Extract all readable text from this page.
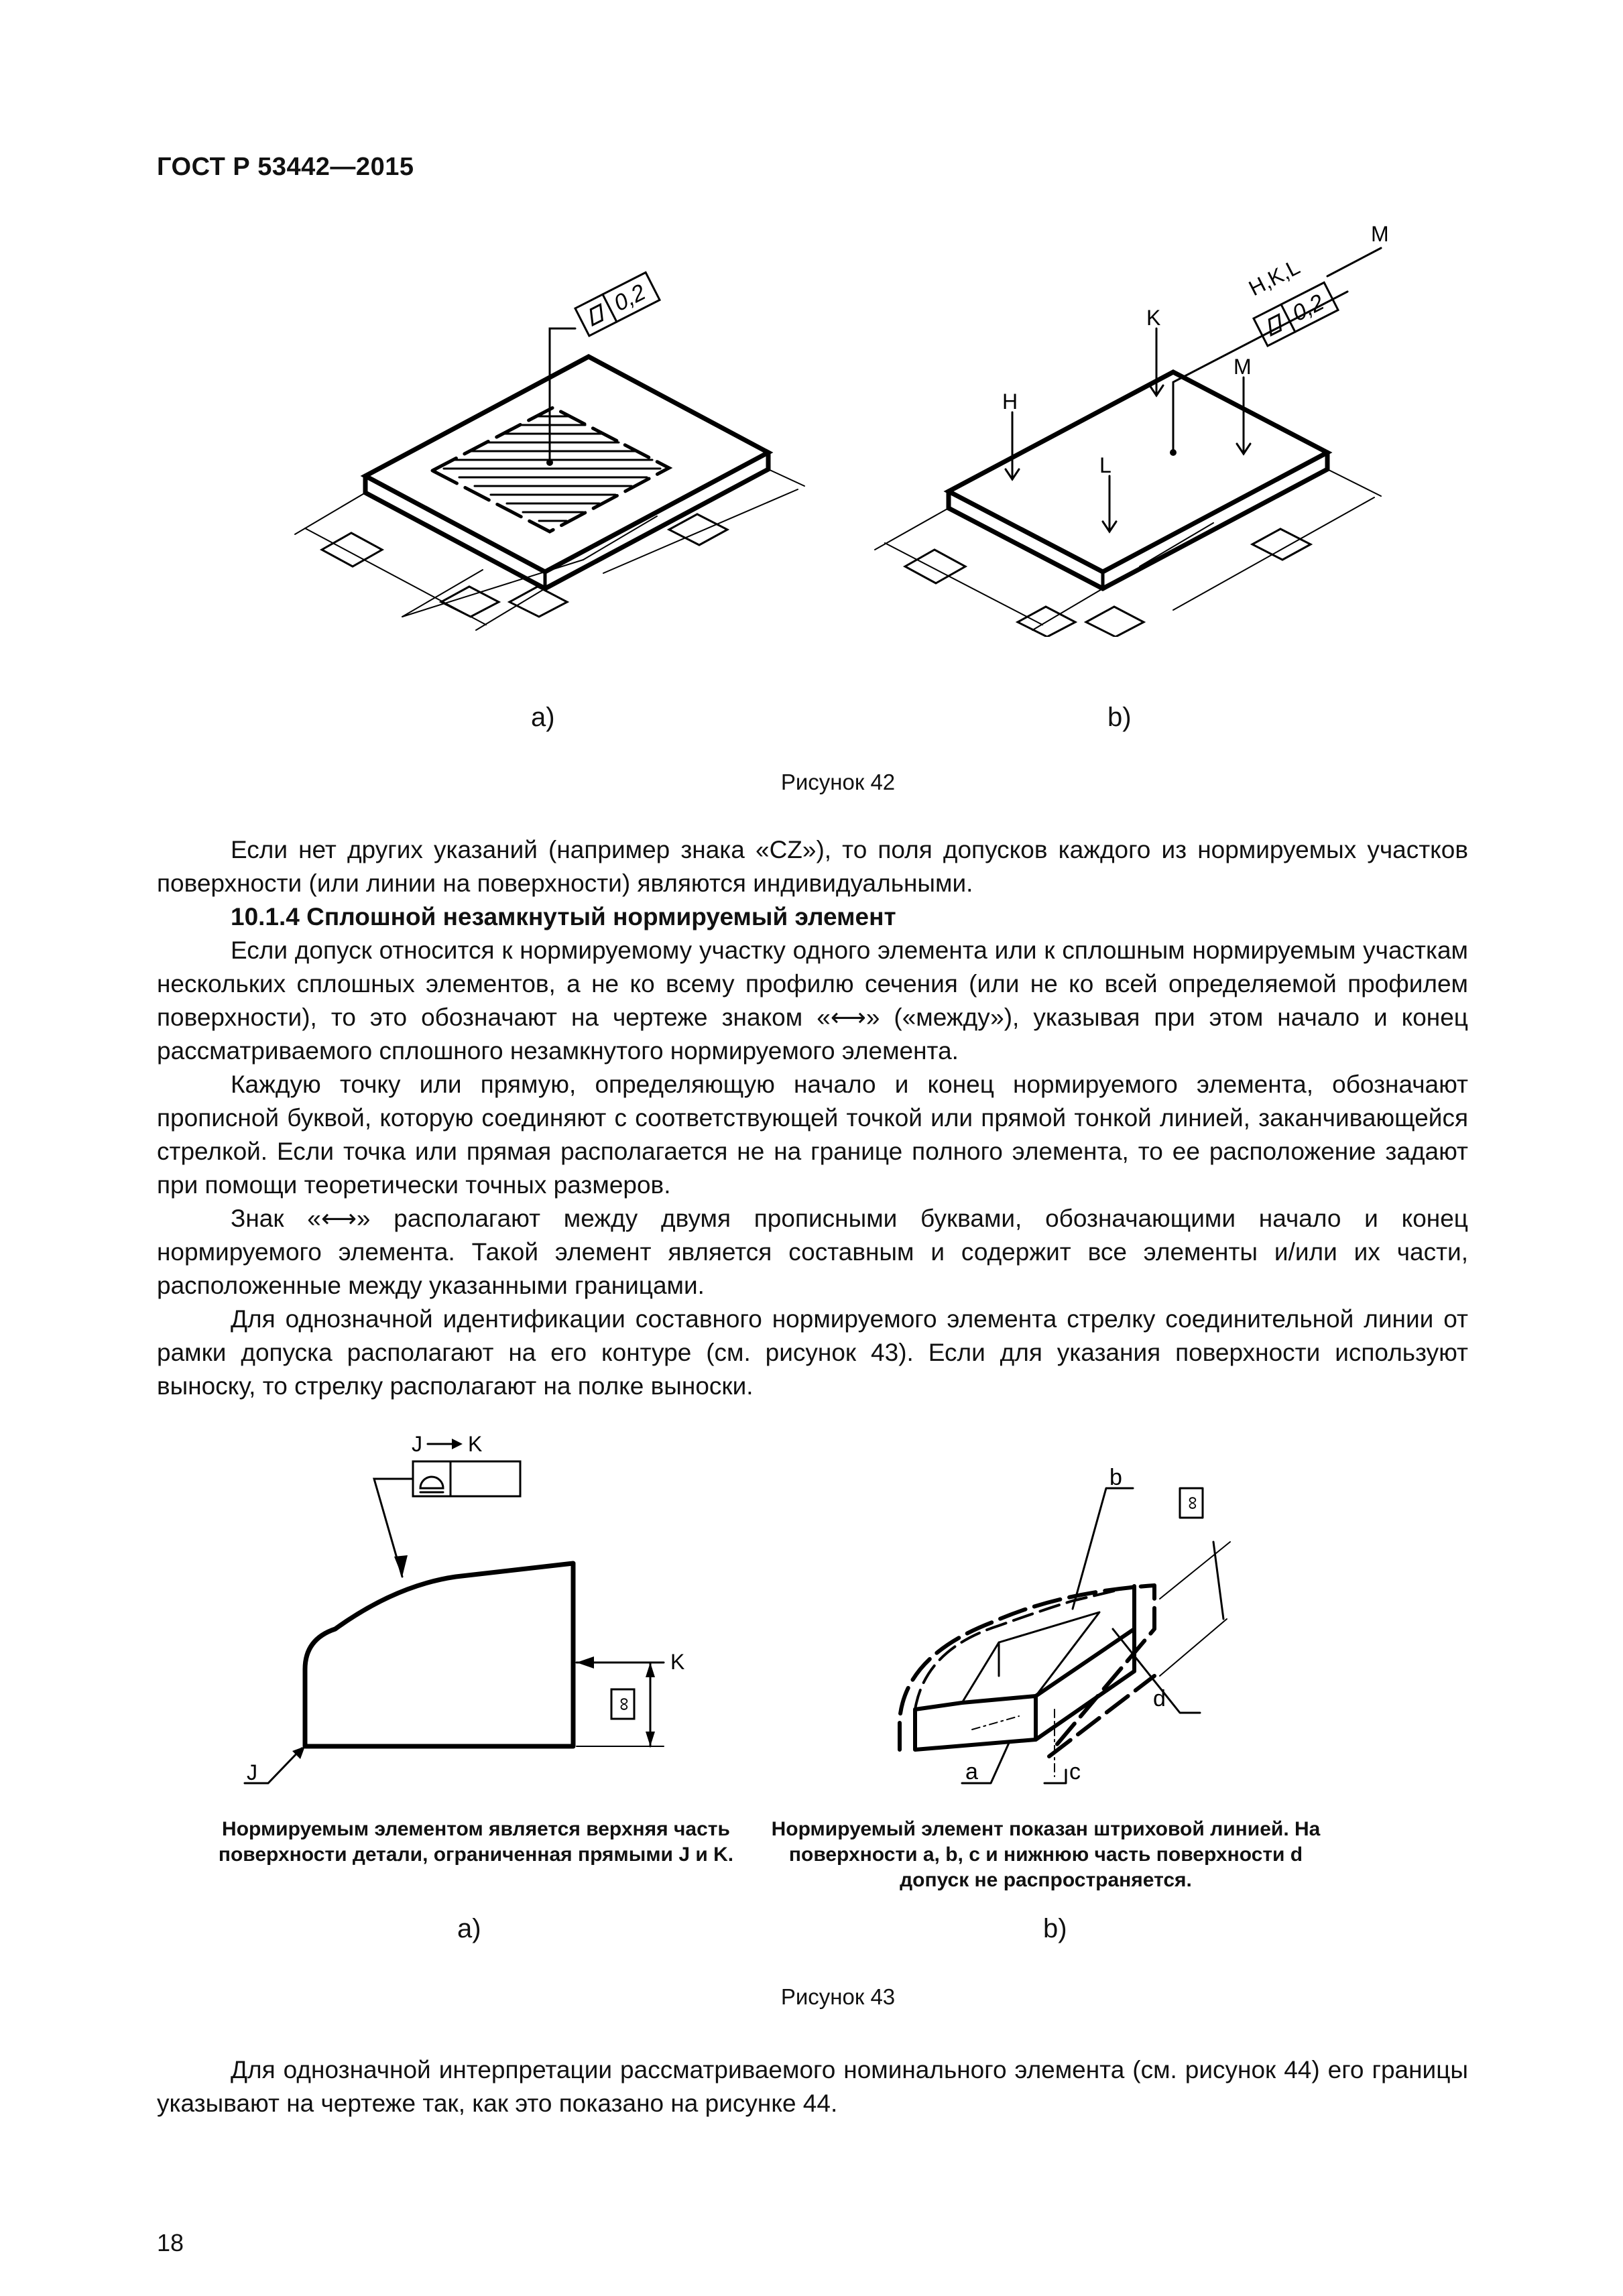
ГОСТ Р 53442—2015
0,2	0,2
H,K,L
M
K
H
L
M
а)	b)
Рисунок 42
Если нет других указаний (например знака «CZ»), то поля допусков каждого из нормируемых участков поверхности (или линии на поверхности) являются индивидуальными.
10.1.4 Сплошной незамкнутый нормируемый элемент
Если допуск относится к нормируемому участку одного элемента или к сплошным нормируемым участкам нескольких сплошных элементов, а не ко всему профилю сечения (или не ко всей определяемой профилем поверхности), то это обозначают на чертеже знаком «⟷» («между»), указывая при этом начало и конец рассматриваемого сплошного незамкнутого нормируемого элемента.
Каждую точку или прямую, определяющую начало и конец нормируемого элемента, обозначают прописной буквой, которую соединяют с соответствующей точкой или прямой тонкой линией, заканчивающейся стрелкой. Если точка или прямая располагается не на границе полного элемента, то ее расположение задают при помощи теоретически точных размеров.
Знак «⟷» располагают между двумя прописными буквами, обозначающими начало и конец нормируемого элемента. Такой элемент является составным и содержит все элементы и/или их части, расположенные между указанными границами.
Для однозначной идентификации составного нормируемого элемента стрелку соединительной линии от рамки допуска располагают на его контуре (см. рисунок 43). Если для указания поверхности используют выноску, то стрелку располагают на полке выноски.
∞
J K
K
J
∞
b
d
a	c
Нормируемым элементом является верхняя часть поверхности детали, ограниченная прямыми J и K.
Нормируемый элемент показан штриховой линией. На поверхности a, b, c и нижнюю часть поверхности d допуск не распространяется.
а)	b)
Рисунок 43
Для однозначной интерпретации рассматриваемого номинального элемента (см. рисунок 44) его границы указывают на чертеже так, как это показано на рисунке 44.
18
